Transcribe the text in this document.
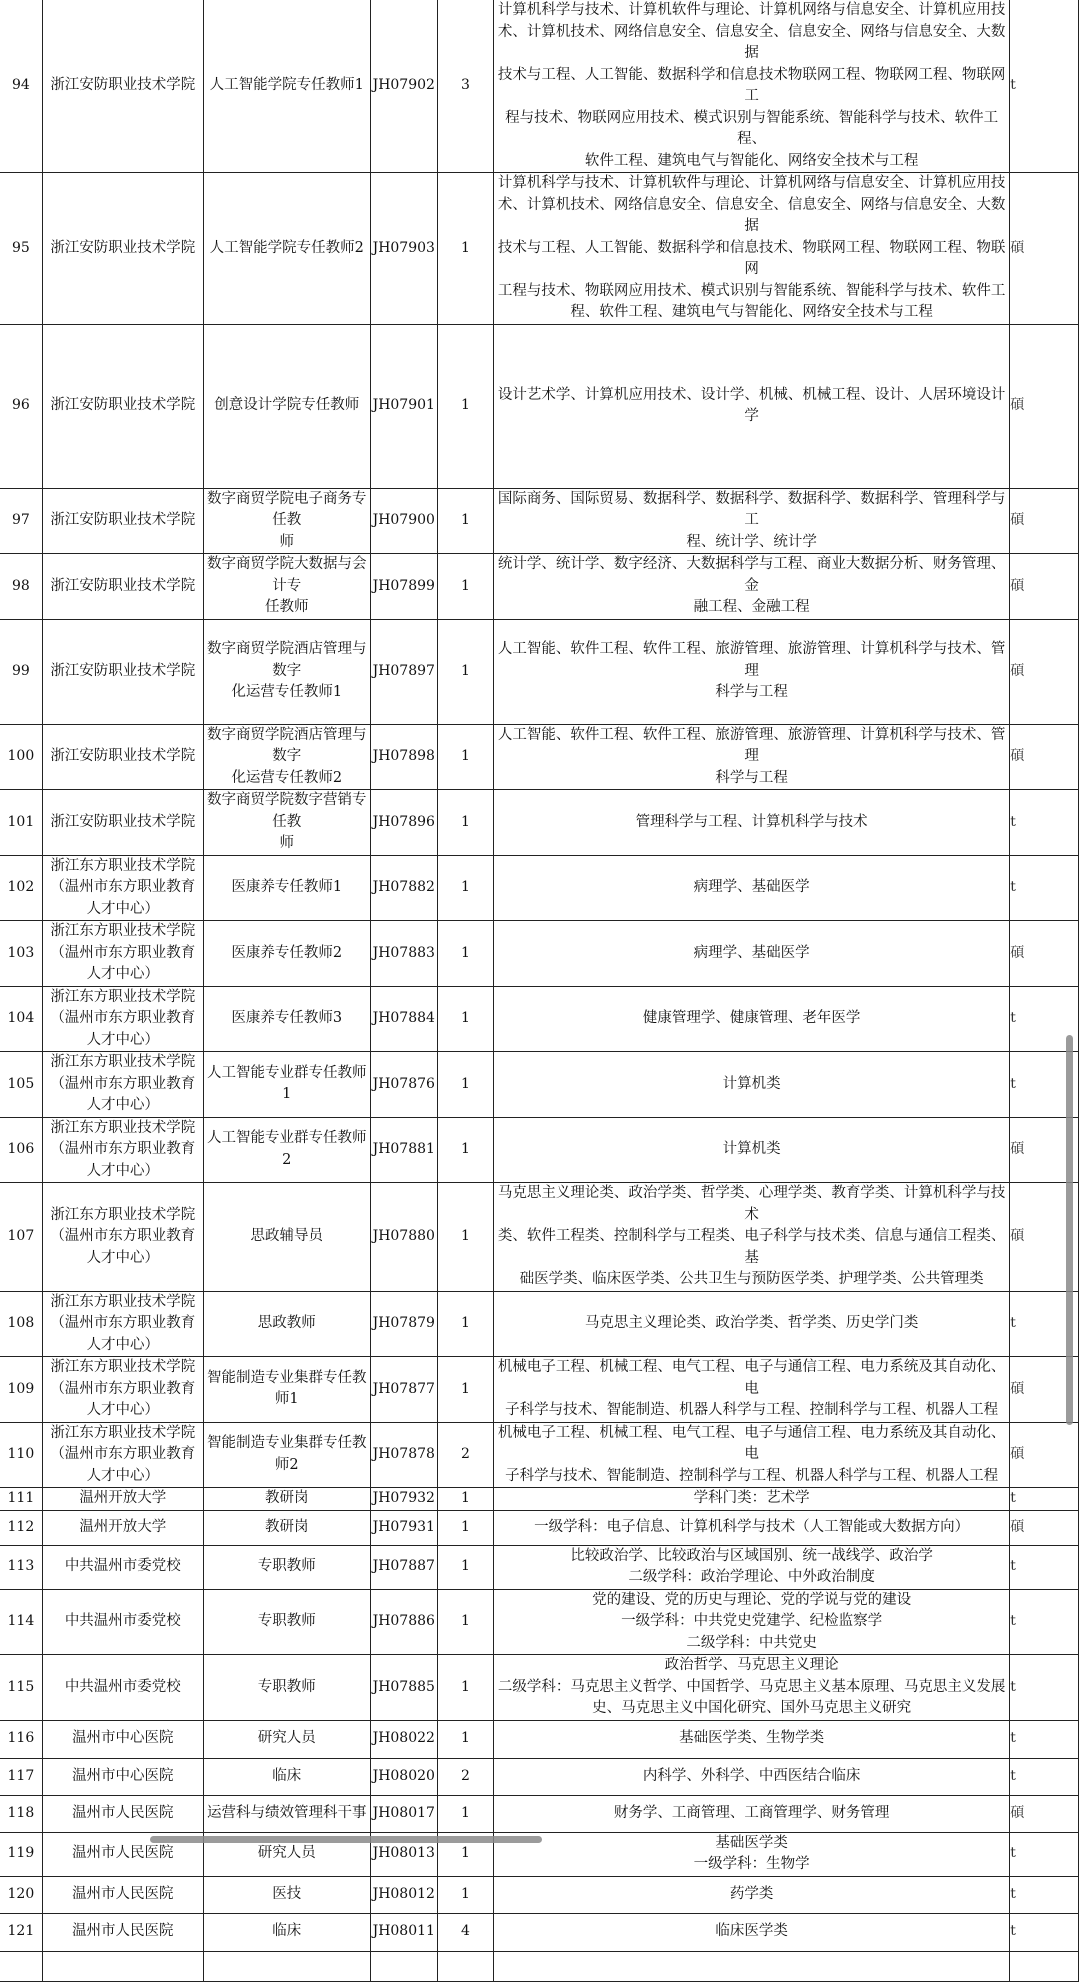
94	浙江安防职业技术学院	人工智能学院专任教师1	JH07902	3	计算机科学与技术、计算机软件与理论、计算机网络与信息安全、计算机应用技
术、计算机技术、网络信息安全、信息安全、信息安全、网络与信息安全、大数据
技术与工程、人工智能、数据科学和信息技术物联网工程、物联网工程、物联网工
程与技术、物联网应用技术、模式识别与智能系统、智能科学与技术、软件工程、
软件工程、建筑电气与智能化、网络安全技术与工程	t
95	浙江安防职业技术学院	人工智能学院专任教师2	JH07903	1	计算机科学与技术、计算机软件与理论、计算机网络与信息安全、计算机应用技
术、计算机技术、网络信息安全、信息安全、信息安全、网络与信息安全、大数据
技术与工程、人工智能、数据科学和信息技术、物联网工程、物联网工程、物联网
工程与技术、物联网应用技术、模式识别与智能系统、智能科学与技术、软件工
程、软件工程、建筑电气与智能化、网络安全技术与工程	碩
96	浙江安防职业技术学院	创意设计学院专任教师	JH07901	1	设计艺术学、计算机应用技术、设计学、机械、机械工程、设计、人居环境设计学	碩
97	浙江安防职业技术学院	数字商贸学院电子商务专任教
师	JH07900	1	国际商务、国际贸易、数据科学、数据科学、数据科学、数据科学、管理科学与工
程、统计学、统计学	碩
98	浙江安防职业技术学院	数字商贸学院大数据与会计专
任教师	JH07899	1	统计学、统计学、数字经济、大数据科学与工程、商业大数据分析、财务管理、金
融工程、金融工程	碩
99	浙江安防职业技术学院	数字商贸学院酒店管理与数字
化运营专任教师1	JH07897	1	人工智能、软件工程、软件工程、旅游管理、旅游管理、计算机科学与技术、管理
科学与工程	碩
100	浙江安防职业技术学院	数字商贸学院酒店管理与数字
化运营专任教师2	JH07898	1	人工智能、软件工程、软件工程、旅游管理、旅游管理、计算机科学与技术、管理
科学与工程	碩
101	浙江安防职业技术学院	数字商贸学院数字营销专任教
师	JH07896	1	管理科学与工程、计算机科学与技术	t
102	浙江东方职业技术学院
（温州市东方职业教育
人才中心）	医康养专任教师1	JH07882	1	病理学、基础医学	t
103	浙江东方职业技术学院
（温州市东方职业教育
人才中心）	医康养专任教师2	JH07883	1	病理学、基础医学	碩
104	浙江东方职业技术学院
（温州市东方职业教育
人才中心）	医康养专任教师3	JH07884	1	健康管理学、健康管理、老年医学	t
105	浙江东方职业技术学院
（温州市东方职业教育
人才中心）	人工智能专业群专任教师1	JH07876	1	计算机类	t
106	浙江东方职业技术学院
（温州市东方职业教育
人才中心）	人工智能专业群专任教师2	JH07881	1	计算机类	碩
107	浙江东方职业技术学院
（温州市东方职业教育
人才中心）	思政辅导员	JH07880	1	马克思主义理论类、政治学类、哲学类、心理学类、教育学类、计算机科学与技术
类、软件工程类、控制科学与工程类、电子科学与技术类、信息与通信工程类、基
础医学类、临床医学类、公共卫生与预防医学类、护理学类、公共管理类	碩
108	浙江东方职业技术学院
（温州市东方职业教育
人才中心）	思政教师	JH07879	1	马克思主义理论类、政治学类、哲学类、历史学门类	t
109	浙江东方职业技术学院
（温州市东方职业教育
人才中心）	智能制造专业集群专任教师1	JH07877	1	机械电子工程、机械工程、电气工程、电子与通信工程、电力系统及其自动化、电
子科学与技术、智能制造、机器人科学与工程、控制科学与工程、机器人工程	碩
110	浙江东方职业技术学院
（温州市东方职业教育
人才中心）	智能制造专业集群专任教师2	JH07878	2	机械电子工程、机械工程、电气工程、电子与通信工程、电力系统及其自动化、电
子科学与技术、智能制造、控制科学与工程、机器人科学与工程、机器人工程	碩
111	温州开放大学	教研岗	JH07932	1	学科门类：艺术学	t
112	温州开放大学	教研岗	JH07931	1	一级学科：电子信息、计算机科学与技术（人工智能或大数据方向）	碩
113	中共温州市委党校	专职教师	JH07887	1	比较政治学、比较政治与区域国别、统一战线学、政治学
二级学科：政治学理论、中外政治制度	t
114	中共温州市委党校	专职教师	JH07886	1	党的建设、党的历史与理论、党的学说与党的建设
一级学科：中共党史党建学、纪检监察学
二级学科：中共党史	t
115	中共温州市委党校	专职教师	JH07885	1	政治哲学、马克思主义理论
二级学科：马克思主义哲学、中国哲学、马克思主义基本原理、马克思主义发展
史、马克思主义中国化研究、国外马克思主义研究	t
116	温州市中心医院	研究人员	JH08022	1	基础医学类、生物学类	t
117	温州市中心医院	临床	JH08020	2	内科学、外科学、中西医结合临床	t
118	温州市人民医院	运营科与绩效管理科干事	JH08017	1	财务学、工商管理、工商管理学、财务管理	碩
119	温州市人民医院	研究人员	JH08013	1	基础医学类
一级学科：生物学	t
120	温州市人民医院	医技	JH08012	1	药学类	t
121	温州市人民医院	临床	JH08011	4	临床医学类	t
